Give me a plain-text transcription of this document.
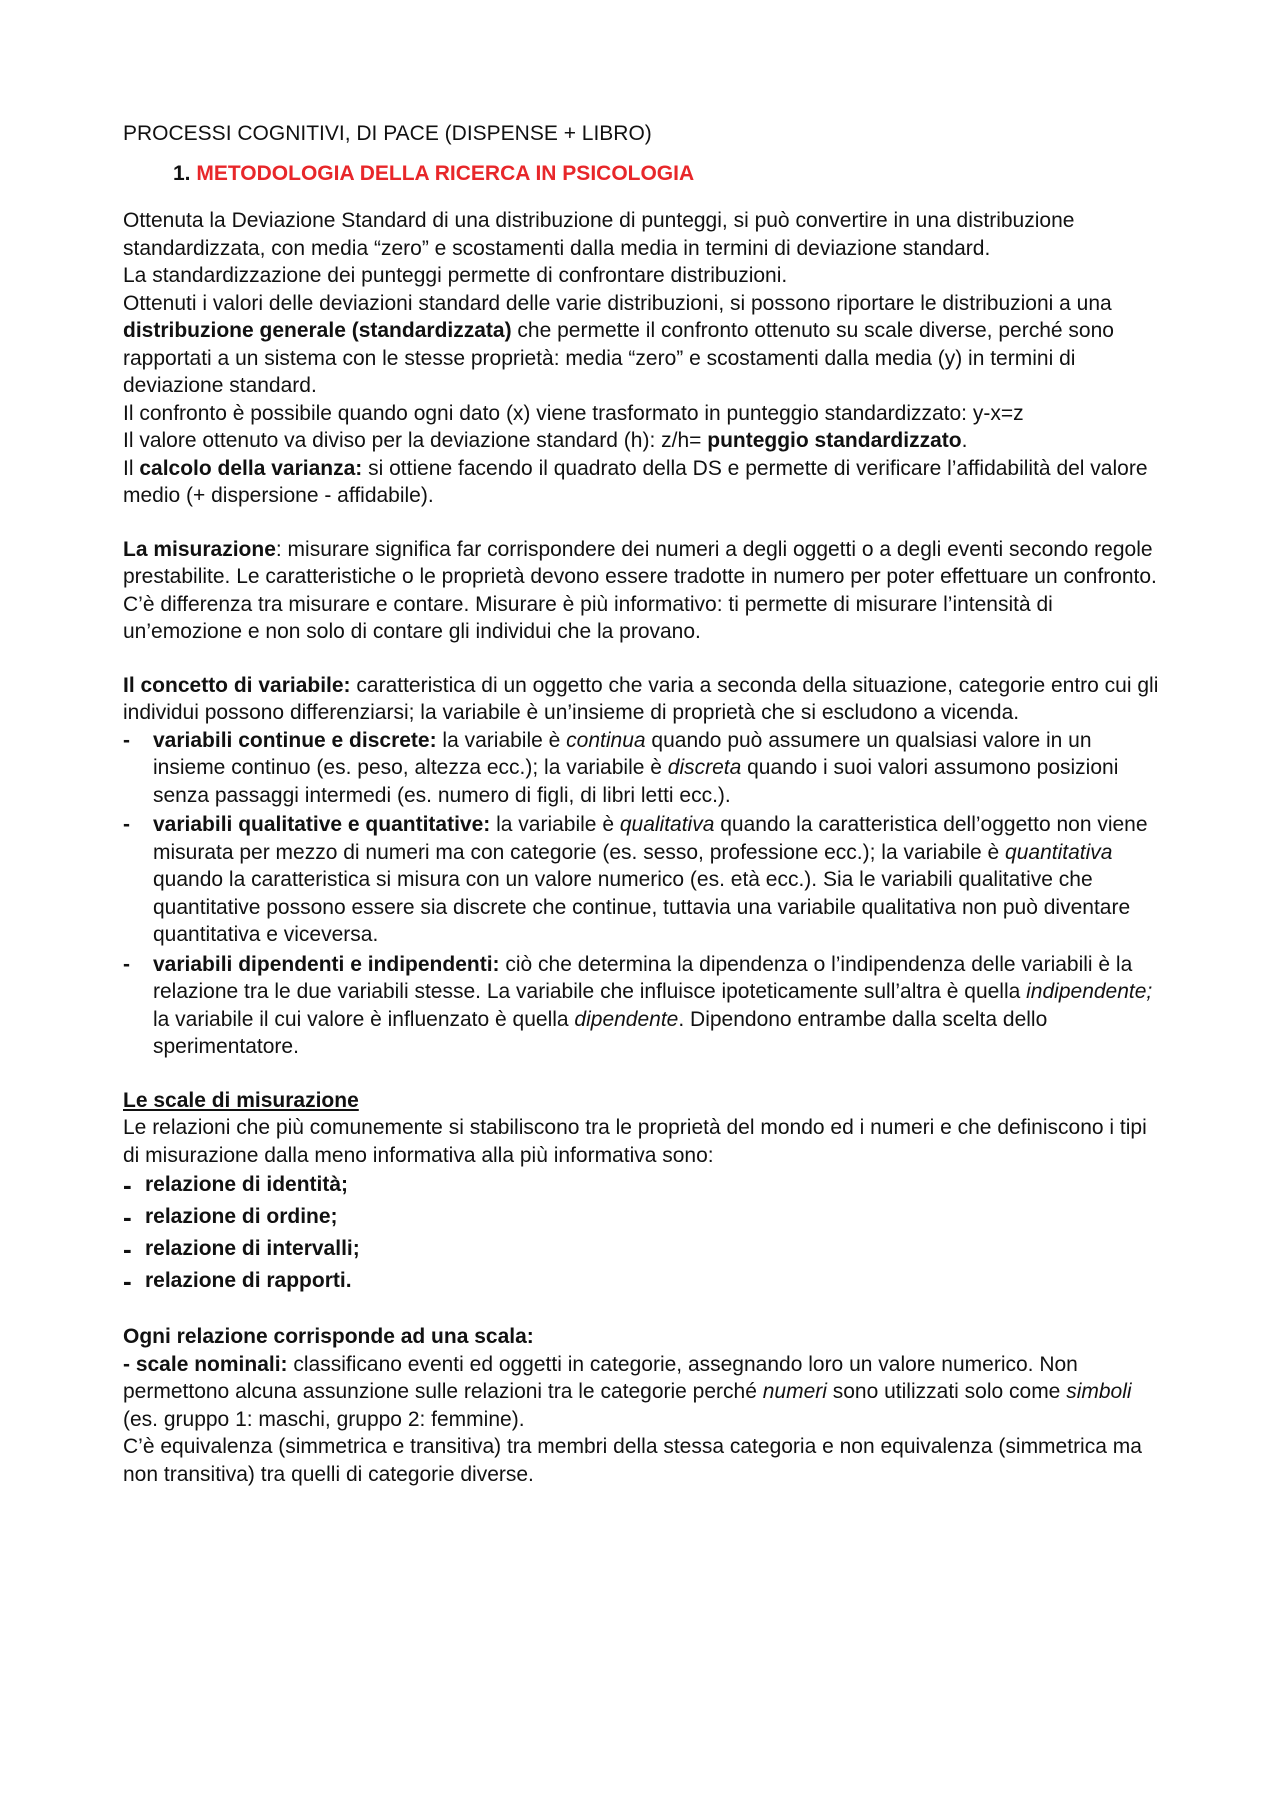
PROCESSI COGNITIVI, DI PACE (DISPENSE + LIBRO)

1. METODOLOGIA DELLA RICERCA IN PSICOLOGIA

Ottenuta la Deviazione Standard di una distribuzione di punteggi, si può convertire in una distribuzione standardizzata, con media “zero” e scostamenti dalla media in termini di deviazione standard.

La standardizzazione dei punteggi permette di confrontare distribuzioni.

Ottenuti i valori delle deviazioni standard delle varie distribuzioni, si possono riportare le distribuzioni a una distribuzione generale (standardizzata) che permette il confronto ottenuto su scale diverse, perché sono rapportati a un sistema con le stesse proprietà: media “zero” e scostamenti dalla media (y) in termini di deviazione standard.

Il confronto è possibile quando ogni dato (x) viene trasformato in punteggio standardizzato: y-x=z

Il valore ottenuto va diviso per la deviazione standard (h): z/h= punteggio standardizzato.

Il calcolo della varianza: si ottiene facendo il quadrato della DS e permette di verificare l’affidabilità del valore medio (+ dispersione - affidabile).

La misurazione: misurare significa far corrispondere dei numeri a degli oggetti o a degli eventi secondo regole prestabilite. Le caratteristiche o le proprietà devono essere tradotte in numero per poter effettuare un confronto.

C’è differenza tra misurare e contare. Misurare è più informativo: ti permette di misurare l’intensità di un’emozione e non solo di contare gli individui che la provano.

Il concetto di variabile: caratteristica di un oggetto che varia a seconda della situazione, categorie entro cui gli individui possono differenziarsi; la variabile è un’insieme di proprietà che si escludono a vicenda.

- variabili continue e discrete: la variabile è continua quando può assumere un qualsiasi valore in un insieme continuo (es. peso, altezza ecc.); la variabile è discreta quando i suoi valori assumono posizioni senza passaggi intermedi (es. numero di figli, di libri letti ecc.).
- variabili qualitative e quantitative: la variabile è qualitativa quando la caratteristica dell’oggetto non viene misurata per mezzo di numeri ma con categorie (es. sesso, professione ecc.); la variabile è quantitativa quando la caratteristica si misura con un valore numerico (es. età ecc.). Sia le variabili qualitative che quantitative possono essere sia discrete che continue, tuttavia una variabile qualitativa non può diventare quantitativa e viceversa.
- variabili dipendenti e indipendenti: ciò che determina la dipendenza o l’indipendenza delle variabili è la relazione tra le due variabili stesse. La variabile che influisce ipoteticamente sull’altra è quella indipendente; la variabile il cui valore è influenzato è quella dipendente. Dipendono entrambe dalla scelta dello sperimentatore.

Le scale di misurazione

Le relazioni che più comunemente si stabiliscono tra le proprietà del mondo ed i numeri e che definiscono i tipi di misurazione dalla meno informativa alla più informativa sono:

- relazione di identità;
- relazione di ordine;
- relazione di intervalli;
- relazione di rapporti.

Ogni relazione corrisponde ad una scala:

- scale nominali: classificano eventi ed oggetti in categorie, assegnando loro un valore numerico. Non permettono alcuna assunzione sulle relazioni tra le categorie perché numeri sono utilizzati solo come simboli (es. gruppo 1: maschi, gruppo 2: femmine).

C’è equivalenza (simmetrica e transitiva) tra membri della stessa categoria e non equivalenza (simmetrica ma non transitiva) tra quelli di categorie diverse.
